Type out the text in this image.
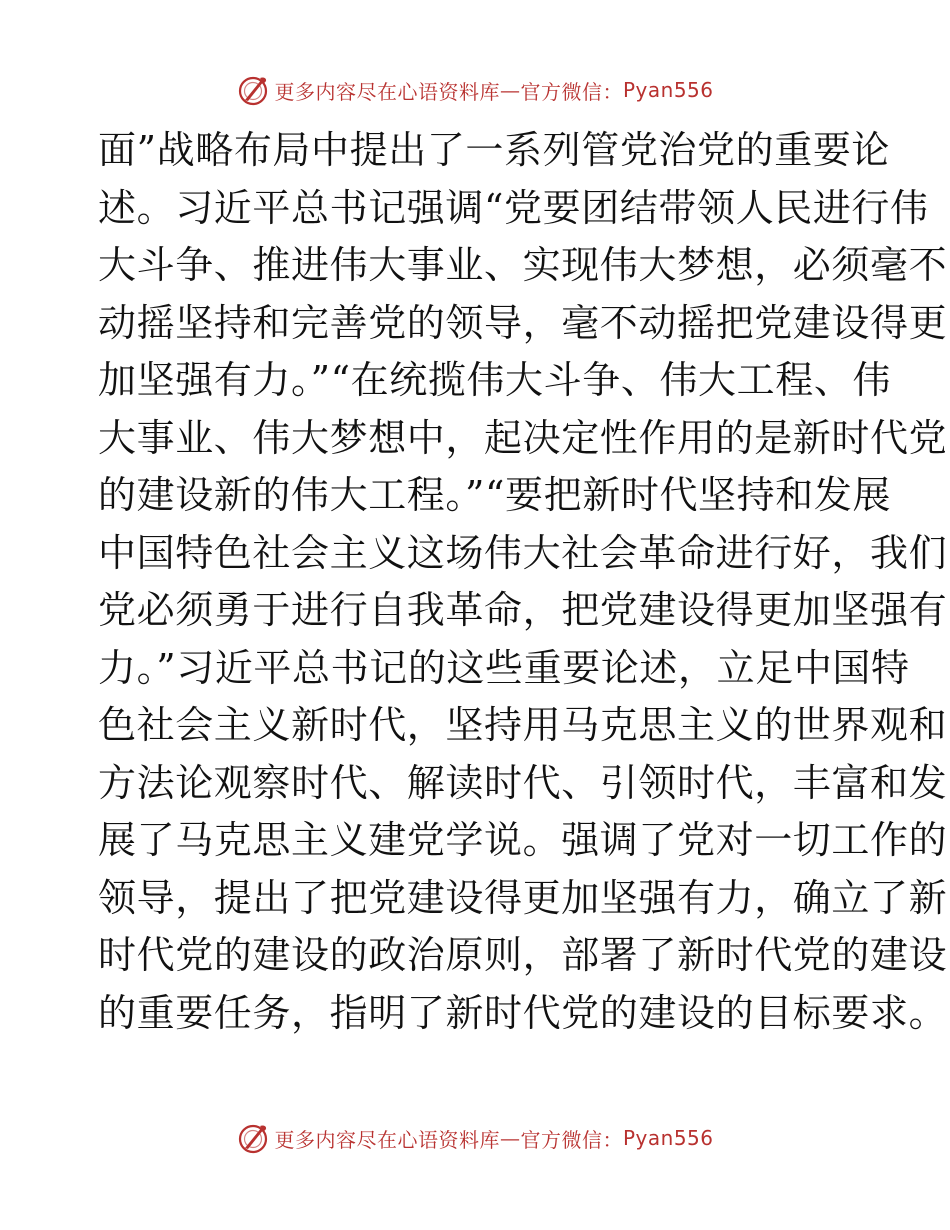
更多内容尽在心语资料库 — 官方微信： Pyan556
面”战略布局中提出了一系列管党治党的重要论
述。习近平总书记强调“党要团结带领人民进行伟
大斗争、推进伟大事业、实现伟大梦想，必须毫不
动摇坚持和完善党的领导，毫不动摇把党建设得更
加坚强有力。”“在统揽伟大斗争、伟大工程、伟
大事业、伟大梦想中，起决定性作用的是新时代党
的建设新的伟大工程。”“要把新时代坚持和发展
中国特色社会主义这场伟大社会革命进行好，我们
党必须勇于进行自我革命，把党建设得更加坚强有
力。”习近平总书记的这些重要论述，立足中国特
色社会主义新时代，坚持用马克思主义的世界观和
方法论观察时代、解读时代、引领时代，丰富和发
展了马克思主义建党学说。强调了党对一切工作的
领导，提出了把党建设得更加坚强有力，确立了新
时代党的建设的政治原则，部署了新时代党的建设
的重要任务，指明了新时代党的建设的目标要求。
更多内容尽在心语资料库 — 官方微信： Pyan556
